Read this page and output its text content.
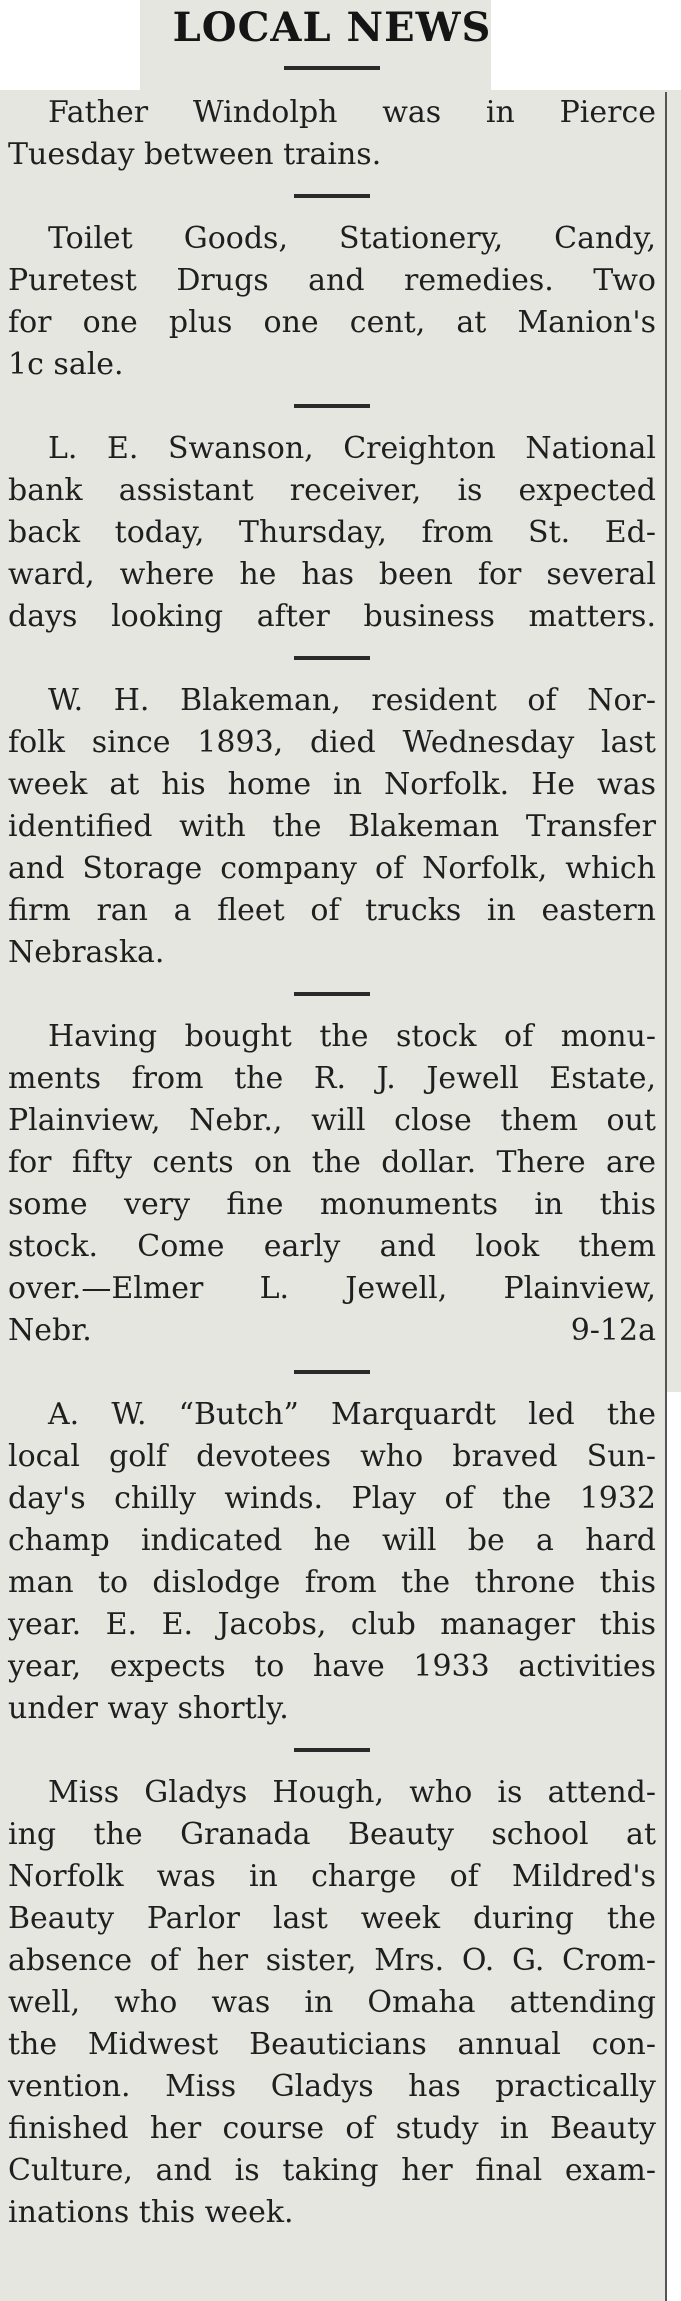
LOCAL NEWS
Father Windolph was in Pierce
Tuesday between trains.
Toilet Goods, Stationery, Candy,
Puretest Drugs and remedies. Two
for one plus one cent, at Manion's
1c sale.
L. E. Swanson, Creighton National
bank assistant receiver, is expected
back today, Thursday, from St. Ed-
ward, where he has been for several
days looking after business matters.
W. H. Blakeman, resident of Nor-
folk since 1893, died Wednesday last
week at his home in Norfolk. He was
identified with the Blakeman Transfer
and Storage company of Norfolk, which
firm ran a fleet of trucks in eastern
Nebraska.
Having bought the stock of monu-
ments from the R. J. Jewell Estate,
Plainview, Nebr., will close them out
for fifty cents on the dollar. There are
some very fine monuments in this
stock. Come early and look them
over.—Elmer L. Jewell, Plainview,
Nebr.	9-12a
A. W. “Butch” Marquardt led the
local golf devotees who braved Sun-
day's chilly winds. Play of the 1932
champ indicated he will be a hard
man to dislodge from the throne this
year. E. E. Jacobs, club manager this
year, expects to have 1933 activities
under way shortly.
Miss Gladys Hough, who is attend-
ing the Granada Beauty school at
Norfolk was in charge of Mildred's
Beauty Parlor last week during the
absence of her sister, Mrs. O. G. Crom-
well, who was in Omaha attending
the Midwest Beauticians annual con-
vention. Miss Gladys has practically
finished her course of study in Beauty
Culture, and is taking her final exam-
inations this week.
